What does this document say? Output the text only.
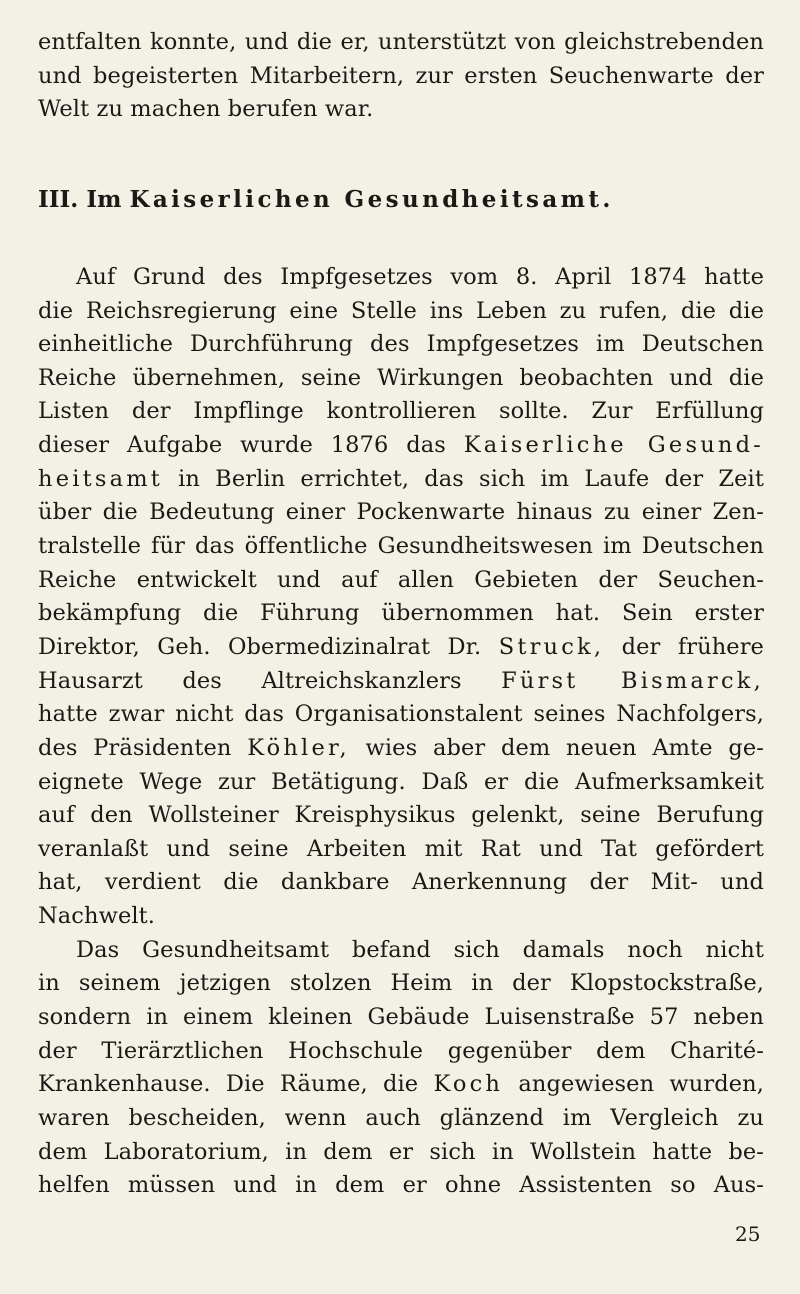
entfalten konnte, und die er, unterstützt von gleichstrebenden
und begeisterten Mitarbeitern, zur ersten Seuchenwarte der
Welt zu machen berufen war.
III. Im Kaiserlichen Gesundheitsamt.
Auf Grund des Impfgesetzes vom 8. April 1874 hatte
die Reichsregierung eine Stelle ins Leben zu rufen, die die
einheitliche Durchführung des Impfgesetzes im Deutschen
Reiche übernehmen, seine Wirkungen beobachten und die
Listen der Impflinge kontrollieren sollte. Zur Erfüllung
dieser Aufgabe wurde 1876 das Kaiserliche Gesund-
heitsamt in Berlin errichtet, das sich im Laufe der Zeit
über die Bedeutung einer Pockenwarte hinaus zu einer Zen-
tralstelle für das öffentliche Gesundheitswesen im Deutschen
Reiche entwickelt und auf allen Gebieten der Seuchen-
bekämpfung die Führung übernommen hat. Sein erster
Direktor, Geh. Obermedizinalrat Dr. Struck, der frühere
Hausarzt des Altreichskanzlers Fürst Bismarck,
hatte zwar nicht das Organisationstalent seines Nachfolgers,
des Präsidenten Köhler, wies aber dem neuen Amte ge-
eignete Wege zur Betätigung. Daß er die Aufmerksamkeit
auf den Wollsteiner Kreisphysikus gelenkt, seine Berufung
veranlaßt und seine Arbeiten mit Rat und Tat gefördert
hat, verdient die dankbare Anerkennung der Mit- und
Nachwelt.
Das Gesundheitsamt befand sich damals noch nicht
in seinem jetzigen stolzen Heim in der Klopstockstraße,
sondern in einem kleinen Gebäude Luisenstraße 57 neben
der Tierärztlichen Hochschule gegenüber dem Charité-
Krankenhause. Die Räume, die Koch angewiesen wurden,
waren bescheiden, wenn auch glänzend im Vergleich zu
dem Laboratorium, in dem er sich in Wollstein hatte be-
helfen müssen und in dem er ohne Assistenten so Aus-
25
